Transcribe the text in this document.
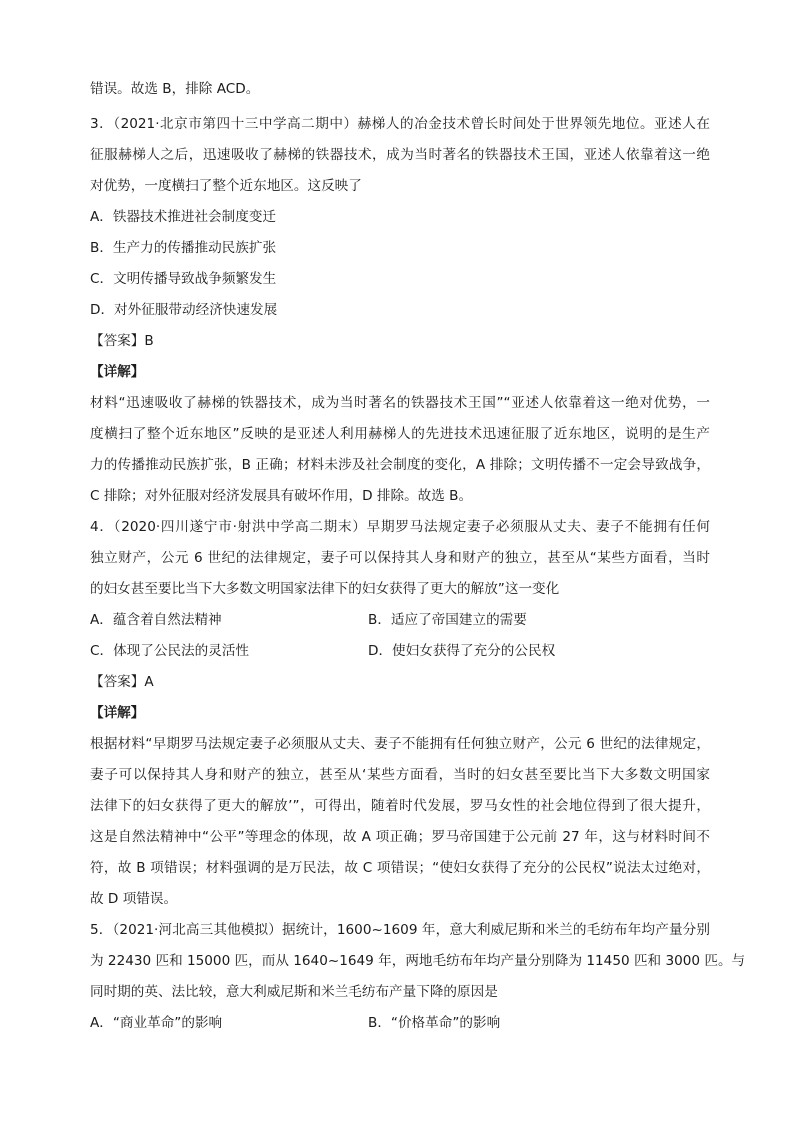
错误。故选 B，排除 ACD。
3．（2021·北京市第四十三中学高二期中）赫梯人的冶金技术曾长时间处于世界领先地位。亚述人在
征服赫梯人之后，迅速吸收了赫梯的铁器技术，成为当时著名的铁器技术王国，亚述人依靠着这一绝
对优势，一度横扫了整个近东地区。这反映了
A．铁器技术推进社会制度变迁
B．生产力的传播推动民族扩张
C．文明传播导致战争频繁发生
D．对外征服带动经济快速发展
【答案】B
【详解】
材料“迅速吸收了赫梯的铁器技术，成为当时著名的铁器技术王国”“亚述人依靠着这一绝对优势，一
度横扫了整个近东地区”反映的是亚述人利用赫梯人的先进技术迅速征服了近东地区，说明的是生产
力的传播推动民族扩张，B 正确；材料未涉及社会制度的变化，A 排除；文明传播不一定会导致战争，
C 排除；对外征服对经济发展具有破坏作用，D 排除。故选 B。
4．（2020·四川遂宁市·射洪中学高二期末）早期罗马法规定妻子必须服从丈夫、妻子不能拥有任何
独立财产，公元 6 世纪的法律规定，妻子可以保持其人身和财产的独立，甚至从“某些方面看，当时
的妇女甚至要比当下大多数文明国家法律下的妇女获得了更大的解放”这一变化
A．蕴含着自然法精神	B．适应了帝国建立的需要
C．体现了公民法的灵活性	D．使妇女获得了充分的公民权
【答案】A
【详解】
根据材料“早期罗马法规定妻子必须服从丈夫、妻子不能拥有任何独立财产，公元 6 世纪的法律规定，
妻子可以保持其人身和财产的独立，甚至从‘某些方面看，当时的妇女甚至要比当下大多数文明国家
法律下的妇女获得了更大的解放’”，可得出，随着时代发展，罗马女性的社会地位得到了很大提升，
这是自然法精神中“公平”等理念的体现，故 A 项正确；罗马帝国建于公元前 27 年，这与材料时间不
符，故 B 项错误；材料强调的是万民法，故 C 项错误；“使妇女获得了充分的公民权”说法太过绝对，
故 D 项错误。
5．（2021·河北高三其他模拟）据统计，1600~1609 年，意大利威尼斯和米兰的毛纺布年均产量分别
为 22430 匹和 15000 匹，而从 1640~1649 年，两地毛纺布年均产量分别降为 11450 匹和 3000 匹。与
同时期的英、法比较，意大利威尼斯和米兰毛纺布产量下降的原因是
A．“商业革命”的影响	B．“价格革命”的影响
